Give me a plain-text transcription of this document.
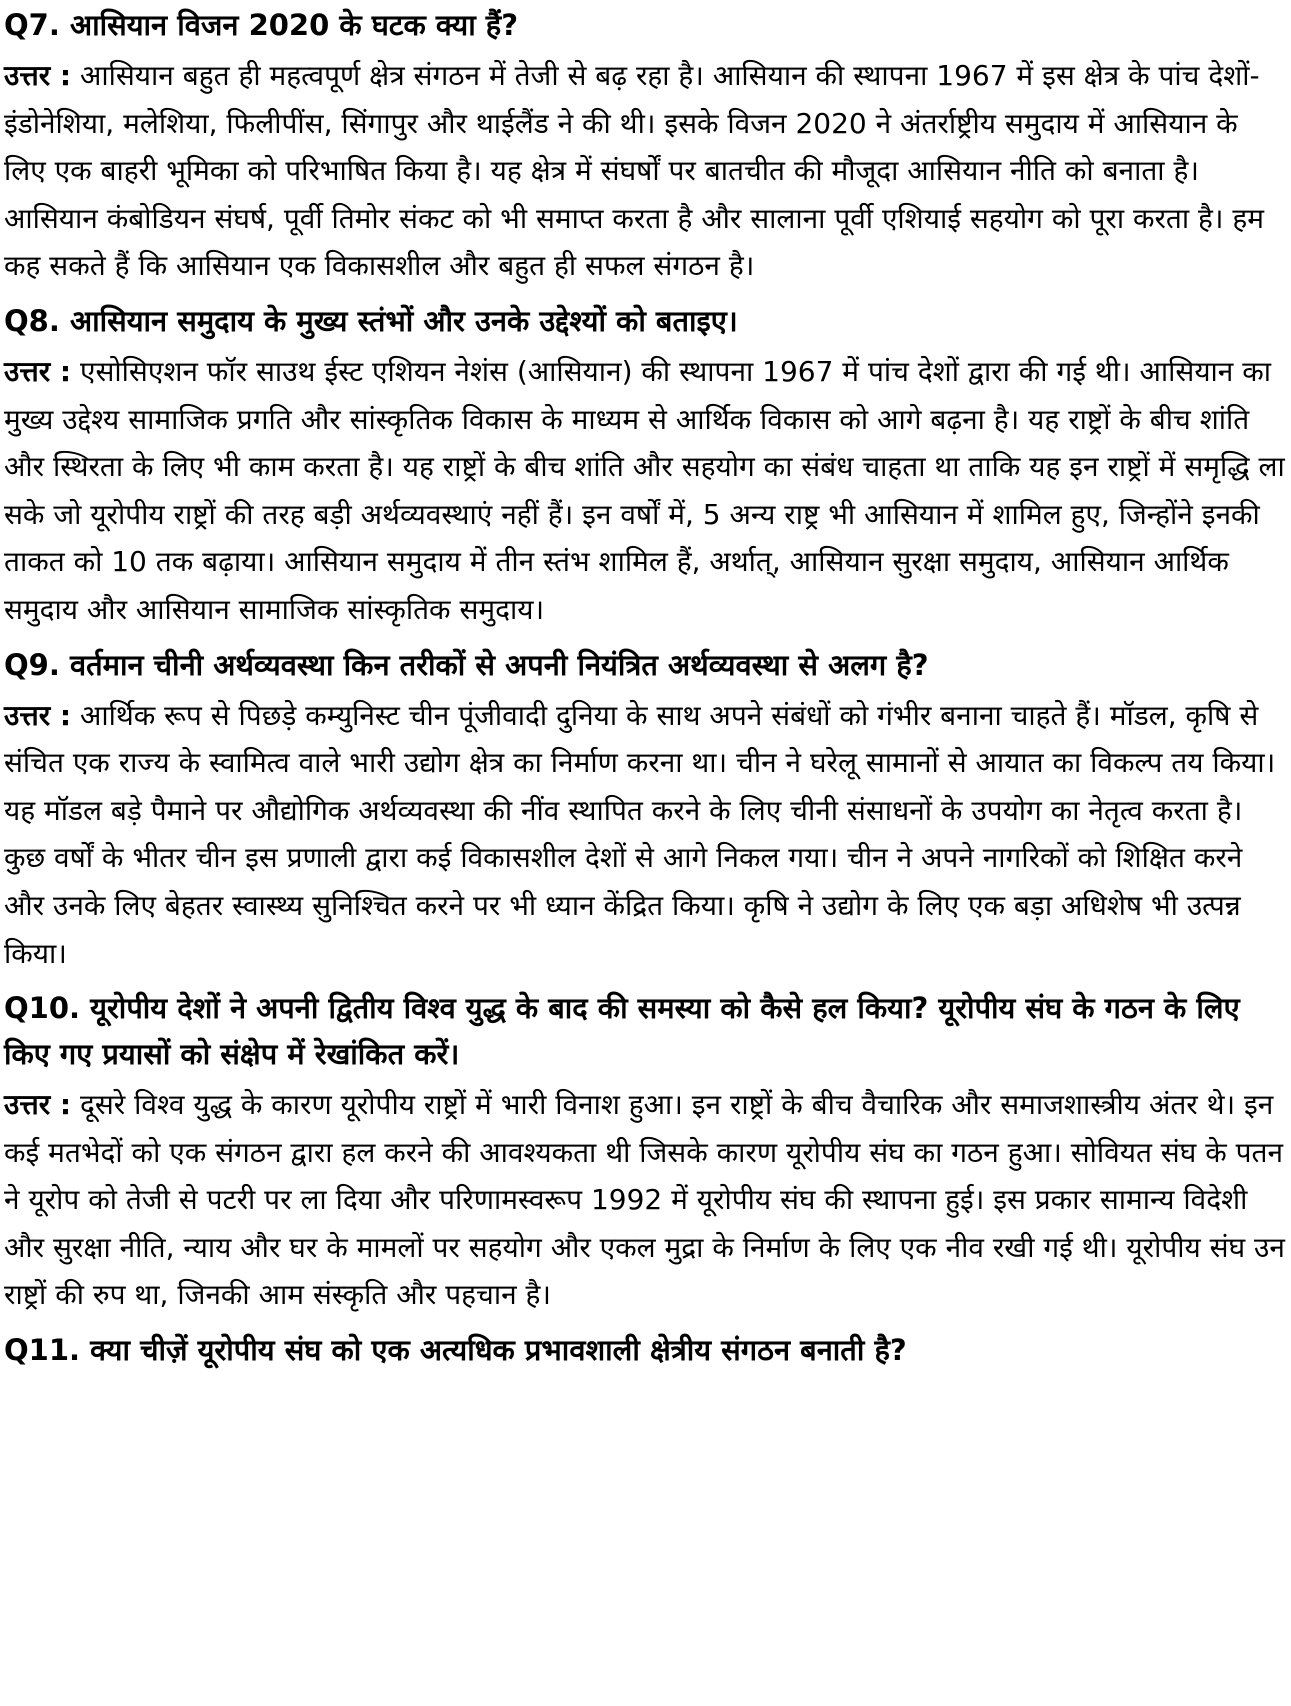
Q7. आसियान विजन 2020 के घटक क्या हैं?

उत्तर : आसियान बहुत ही महत्वपूर्ण क्षेत्र संगठन में तेजी से बढ़ रहा है। आसियान की स्थापना 1967 में इस क्षेत्र के पांच देशों- इंडोनेशिया, मलेशिया, फिलीपींस, सिंगापुर और थाईलैंड ने की थी। इसके विजन 2020 ने अंतर्राष्ट्रीय समुदाय में आसियान के लिए एक बाहरी भूमिका को परिभाषित किया है। यह क्षेत्र में संघर्षों पर बातचीत की मौजूदा आसियान नीति को बनाता है। आसियान कंबोडियन संघर्ष, पूर्वी तिमोर संकट को भी समाप्त करता है और सालाना पूर्वी एशियाई सहयोग को पूरा करता है। हम कह सकते हैं कि आसियान एक विकासशील और बहुत ही सफल संगठन है।

Q8. आसियान समुदाय के मुख्य स्तंभों और उनके उद्देश्यों को बताइए।

उत्तर : एसोसिएशन फॉर साउथ ईस्ट एशियन नेशंस (आसियान) की स्थापना 1967 में पांच देशों द्वारा की गई थी। आसियान का मुख्य उद्देश्य सामाजिक प्रगति और सांस्कृतिक विकास के माध्यम से आर्थिक विकास को आगे बढ़ना है। यह राष्ट्रों के बीच शांति और स्थिरता के लिए भी काम करता है। यह राष्ट्रों के बीच शांति और सहयोग का संबंध चाहता था ताकि यह इन राष्ट्रों में समृद्धि ला सके जो यूरोपीय राष्ट्रों की तरह बड़ी अर्थव्यवस्थाएं नहीं हैं। इन वर्षों में, 5 अन्य राष्ट्र भी आसियान में शामिल हुए, जिन्होंने इनकी ताकत को 10 तक बढ़ाया। आसियान समुदाय में तीन स्तंभ शामिल हैं, अर्थात्, आसियान सुरक्षा समुदाय, आसियान आर्थिक समुदाय और आसियान सामाजिक सांस्कृतिक समुदाय।

Q9. वर्तमान चीनी अर्थव्यवस्था किन तरीकों से अपनी नियंत्रित अर्थव्यवस्था से अलग है?

उत्तर : आर्थिक रूप से पिछड़े कम्युनिस्ट चीन पूंजीवादी दुनिया के साथ अपने संबंधों को गंभीर बनाना चाहते हैं। मॉडल, कृषि से संचित एक राज्य के स्वामित्व वाले भारी उद्योग क्षेत्र का निर्माण करना था। चीन ने घरेलू सामानों से आयात का विकल्प तय किया। यह मॉडल बड़े पैमाने पर औद्योगिक अर्थव्यवस्था की नींव स्थापित करने के लिए चीनी संसाधनों के उपयोग का नेतृत्व करता है। कुछ वर्षों के भीतर चीन इस प्रणाली द्वारा कई विकासशील देशों से आगे निकल गया। चीन ने अपने नागरिकों को शिक्षित करने और उनके लिए बेहतर स्वास्थ्य सुनिश्चित करने पर भी ध्यान केंद्रित किया। कृषि ने उद्योग के लिए एक बड़ा अधिशेष भी उत्पन्न किया।

Q10. यूरोपीय देशों ने अपनी द्वितीय विश्व युद्ध के बाद की समस्या को कैसे हल किया? यूरोपीय संघ के गठन के लिए किए गए प्रयासों को संक्षेप में रेखांकित करें।

उत्तर : दूसरे विश्व युद्ध के कारण यूरोपीय राष्ट्रों में भारी विनाश हुआ। इन राष्ट्रों के बीच वैचारिक और समाजशास्त्रीय अंतर थे। इन कई मतभेदों को एक संगठन द्वारा हल करने की आवश्यकता थी जिसके कारण यूरोपीय संघ का गठन हुआ। सोवियत संघ के पतन ने यूरोप को तेजी से पटरी पर ला दिया और परिणामस्वरूप 1992 में यूरोपीय संघ की स्थापना हुई। इस प्रकार सामान्य विदेशी और सुरक्षा नीति, न्याय और घर के मामलों पर सहयोग और एकल मुद्रा के निर्माण के लिए एक नीव रखी गई थी। यूरोपीय संघ उन राष्ट्रों की रुप था, जिनकी आम संस्कृति और पहचान है।

Q11. क्या चीज़ें यूरोपीय संघ को एक अत्यधिक प्रभावशाली क्षेत्रीय संगठन बनाती है?
